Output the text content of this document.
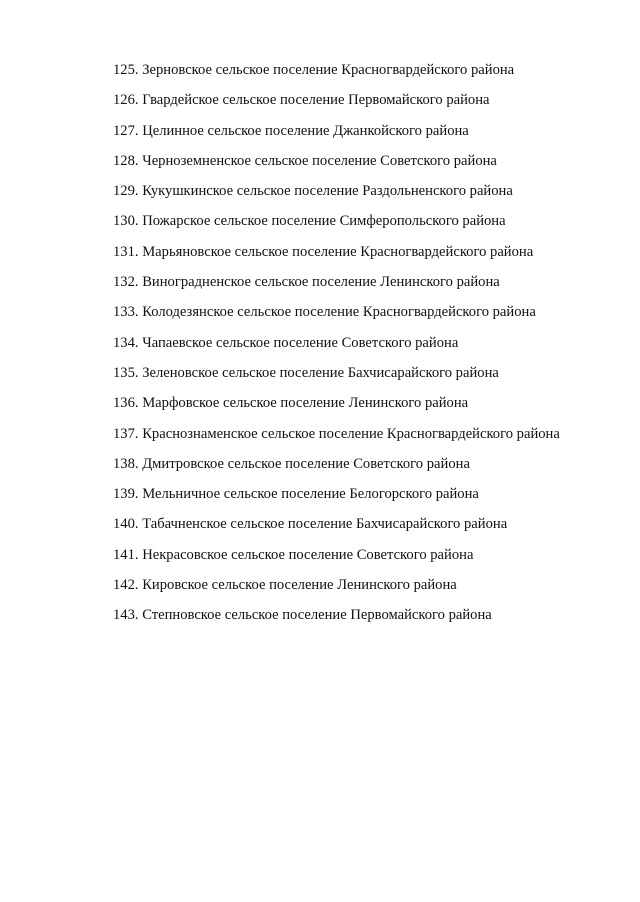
125. Зерновское сельское поселение Красногвардейского района
126. Гвардейское сельское поселение Первомайского района
127. Целинное сельское поселение Джанкойского района
128. Черноземненское сельское поселение Советского района
129. Кукушкинское сельское поселение Раздольненского района
130. Пожарское сельское поселение Симферопольского района
131. Марьяновское сельское поселение Красногвардейского района
132. Виноградненское сельское поселение Ленинского района
133. Колодезянское сельское поселение Красногвардейского района
134. Чапаевское сельское поселение Советского района
135. Зеленовское сельское поселение Бахчисарайского района
136. Марфовское сельское поселение Ленинского района
137. Краснознаменское сельское поселение Красногвардейского района
138. Дмитровское сельское поселение Советского района
139. Мельничное сельское поселение Белогорского района
140. Табачненское сельское поселение Бахчисарайского района
141. Некрасовское сельское поселение Советского района
142. Кировское сельское поселение Ленинского района
143. Степновское сельское поселение Первомайского района
